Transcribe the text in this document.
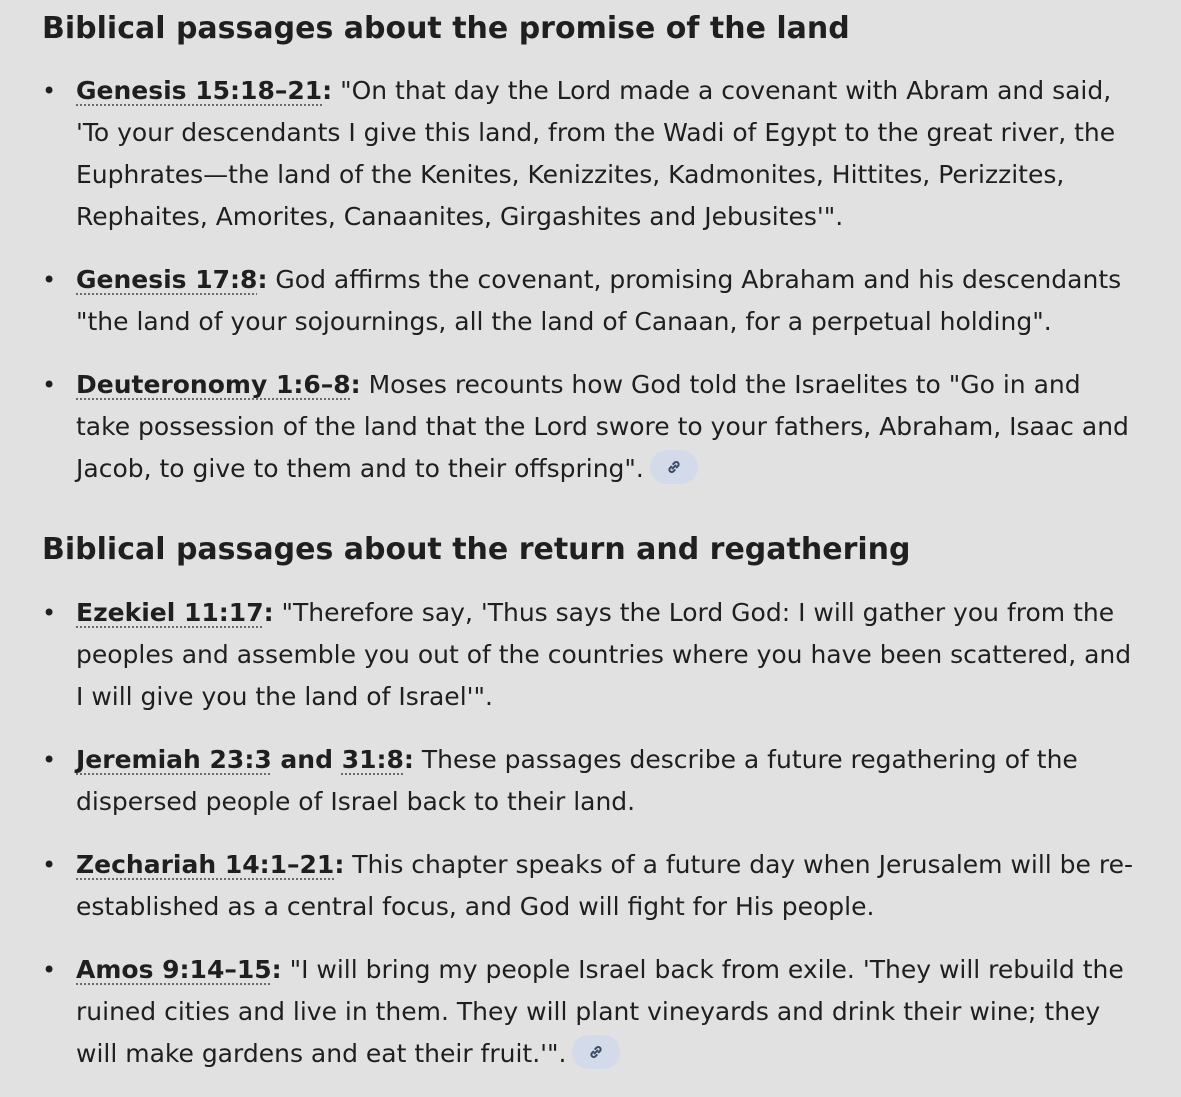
Biblical passages about the promise of the land
• Genesis 15:18–21: "On that day the Lord made a covenant with Abram and said, 'To your descendants I give this land, from the Wadi of Egypt to the great river, the Euphrates—the land of the Kenites, Kenizzites, Kadmonites, Hittites, Perizzites, Rephaites, Amorites, Canaanites, Girgashites and Jebusites'".
• Genesis 17:8: God affirms the covenant, promising Abraham and his descendants "the land of your sojournings, all the land of Canaan, for a perpetual holding".
• Deuteronomy 1:6–8: Moses recounts how God told the Israelites to "Go in and take possession of the land that the Lord swore to your fathers, Abraham, Isaac and Jacob, to give to them and to their offspring".
Biblical passages about the return and regathering
• Ezekiel 11:17: "Therefore say, 'Thus says the Lord God: I will gather you from the peoples and assemble you out of the countries where you have been scattered, and I will give you the land of Israel'".
• Jeremiah 23:3 and 31:8: These passages describe a future regathering of the dispersed people of Israel back to their land.
• Zechariah 14:1–21: This chapter speaks of a future day when Jerusalem will be re-established as a central focus, and God will fight for His people.
• Amos 9:14–15: "I will bring my people Israel back from exile. 'They will rebuild the ruined cities and live in them. They will plant vineyards and drink their wine; they will make gardens and eat their fruit.'".
